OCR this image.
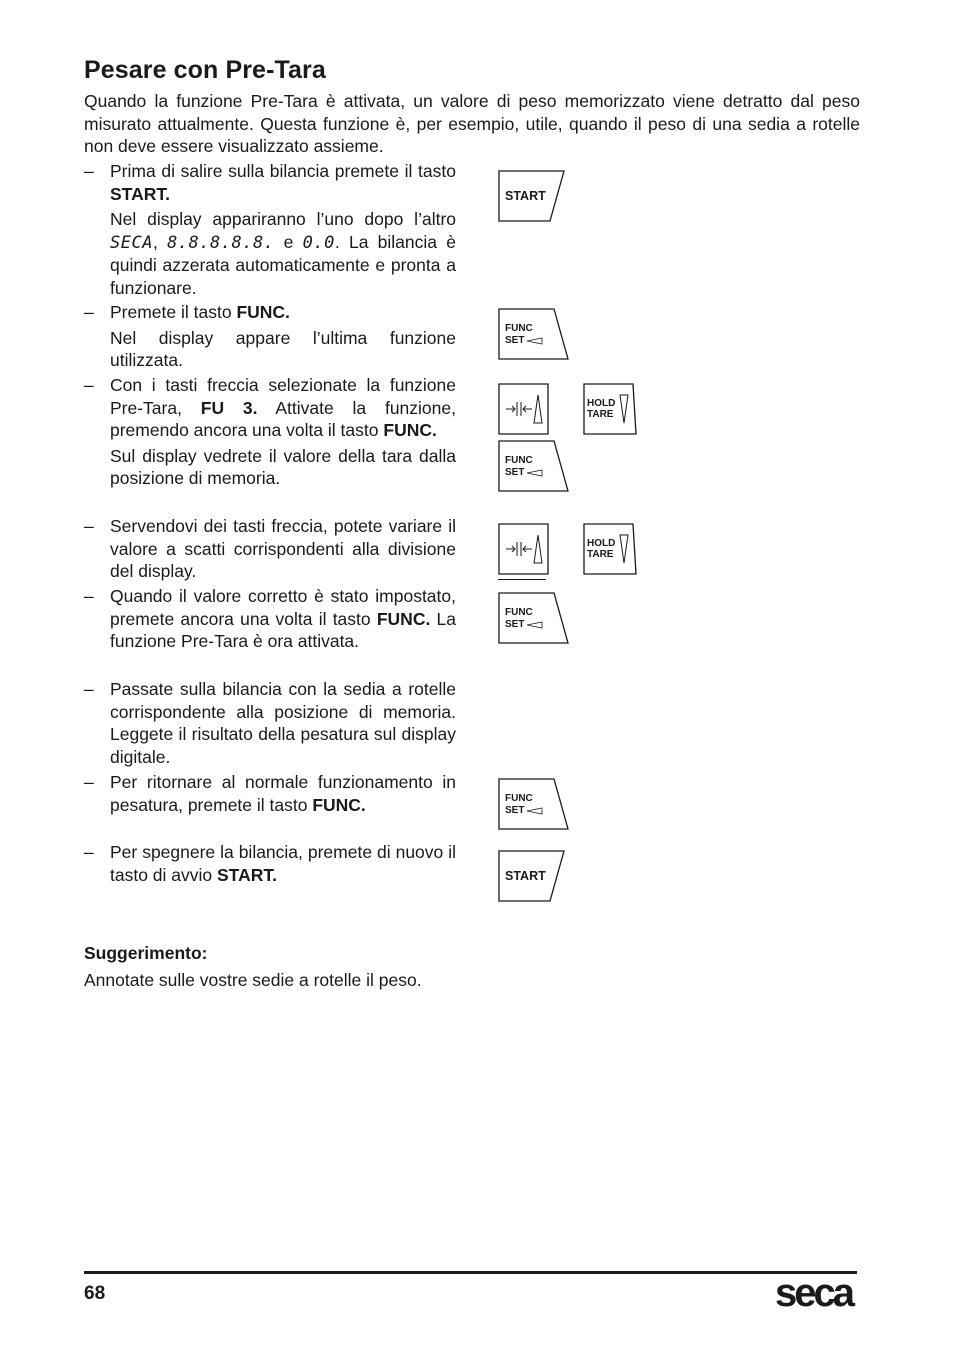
Pesare con Pre-Tara
Quando la funzione Pre-Tara è attivata, un valore di peso memorizzato viene detratto dal peso misurato attualmente. Questa funzione è, per esempio, utile, quando il peso di una sedia a rotelle non deve essere visualizzato assieme.
– Prima di salire sulla bilancia premete il tasto START.
Nel display appariranno l’uno dopo l’altro SECA, 8.8.8.8.8. e 0.0. La bilancia è quindi azzerata automaticamente e pronta a funzionare.
– Premete il tasto FUNC.
Nel display appare l’ultima funzione utilizzata.
– Con i tasti freccia selezionate la funzione Pre-Tara, FU 3. Attivate la funzione, premendo ancora una volta il tasto FUNC.
Sul display vedrete il valore della tara dalla posizione di memoria.
– Servendovi dei tasti freccia, potete variare il valore a scatti corrispondenti alla divisione del display.
– Quando il valore corretto è stato impostato, premete ancora una volta il tasto FUNC. La funzione Pre-Tara è ora attivata.
– Passate sulla bilancia con la sedia a rotelle corrispondente alla posizione di memoria. Leggete il risultato della pesatura sul display digitale.
– Per ritornare al normale funzionamento in pesatura, premete il tasto FUNC.
– Per spegnere la bilancia, premete di nuovo il tasto di avvio START.
START
FUNC
SET
HOLD
TARE
FUNC
SET
HOLD
TARE
FUNC
SET
FUNC
SET
START
Suggerimento:
Annotate sulle vostre sedie a rotelle il peso.
68	seca
